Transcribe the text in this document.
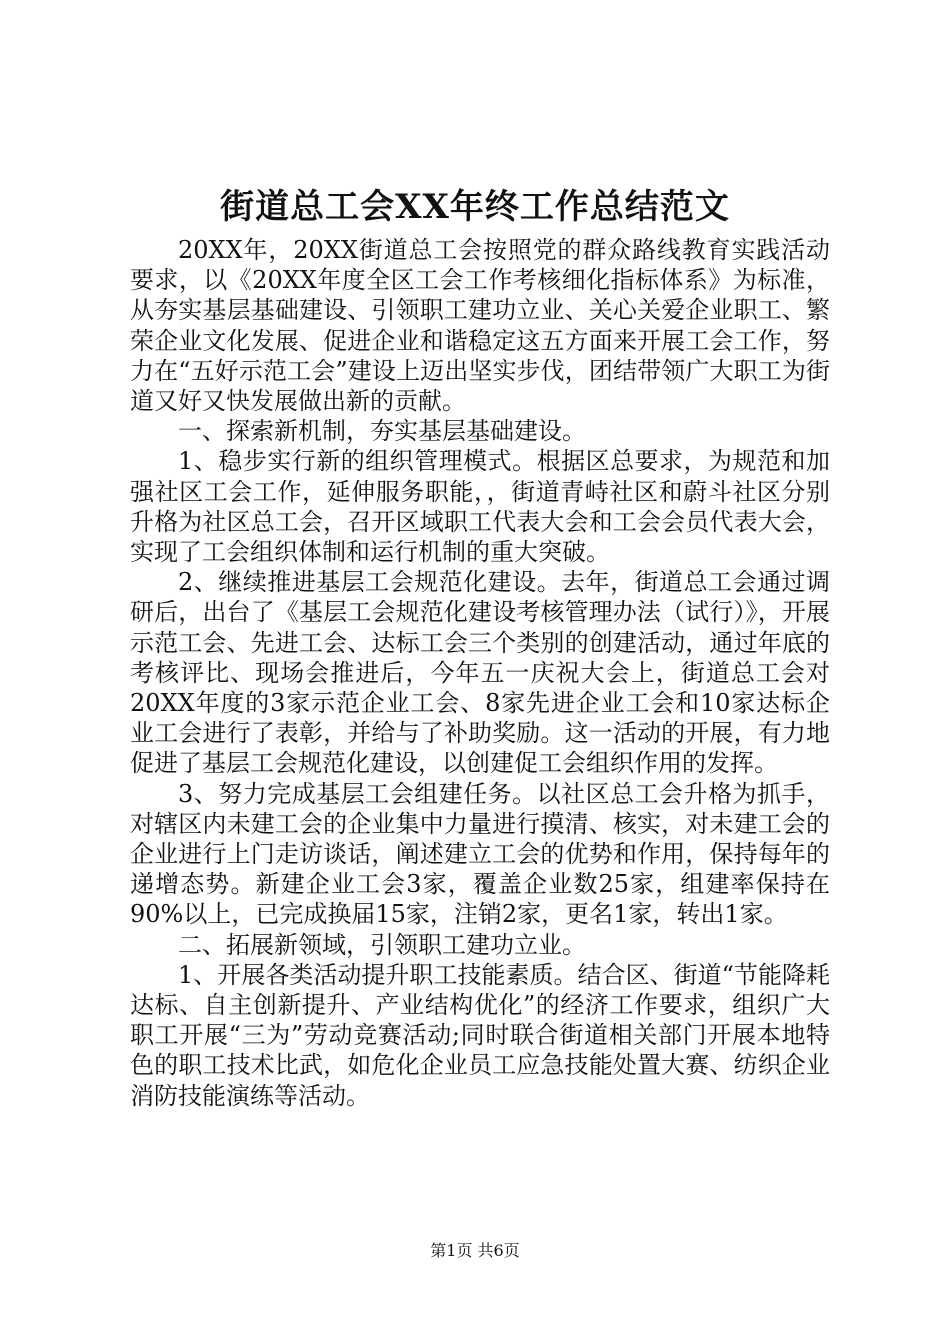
街道总工会XX年终工作总结范文

20XX年，20XX街道总工会按照党的群众路线教育实践活动要求，以《20XX年度全区工会工作考核细化指标体系》为标准，从夯实基层基础建设、引领职工建功立业、关心关爱企业职工、繁荣企业文化发展、促进企业和谐稳定这五方面来开展工会工作，努力在“五好示范工会”建设上迈出坚实步伐，团结带领广大职工为街道又好又快发展做出新的贡献。

一、探索新机制，夯实基层基础建设。

1、稳步实行新的组织管理模式。根据区总要求，为规范和加强社区工会工作，延伸服务职能，，街道青峙社区和蔚斗社区分别升格为社区总工会，召开区域职工代表大会和工会会员代表大会，实现了工会组织体制和运行机制的重大突破。

2、继续推进基层工会规范化建设。去年，街道总工会通过调研后，出台了《基层工会规范化建设考核管理办法（试行）》，开展示范工会、先进工会、达标工会三个类别的创建活动，通过年底的考核评比、现场会推进后，今年五一庆祝大会上，街道总工会对20XX年度的3家示范企业工会、8家先进企业工会和10家达标企业工会进行了表彰，并给与了补助奖励。这一活动的开展，有力地促进了基层工会规范化建设，以创建促工会组织作用的发挥。

3、努力完成基层工会组建任务。以社区总工会升格为抓手，对辖区内未建工会的企业集中力量进行摸清、核实，对未建工会的企业进行上门走访谈话，阐述建立工会的优势和作用，保持每年的递增态势。新建企业工会3家，覆盖企业数25家，组建率保持在90%以上，已完成换届15家，注销2家，更名1家，转出1家。

二、拓展新领域，引领职工建功立业。

1、开展各类活动提升职工技能素质。结合区、街道“节能降耗达标、自主创新提升、产业结构优化”的经济工作要求，组织广大职工开展“三为”劳动竞赛活动;同时联合街道相关部门开展本地特色的职工技术比武，如危化企业员工应急技能处置大赛、纺织企业消防技能演练等活动。

第1页 共6页
